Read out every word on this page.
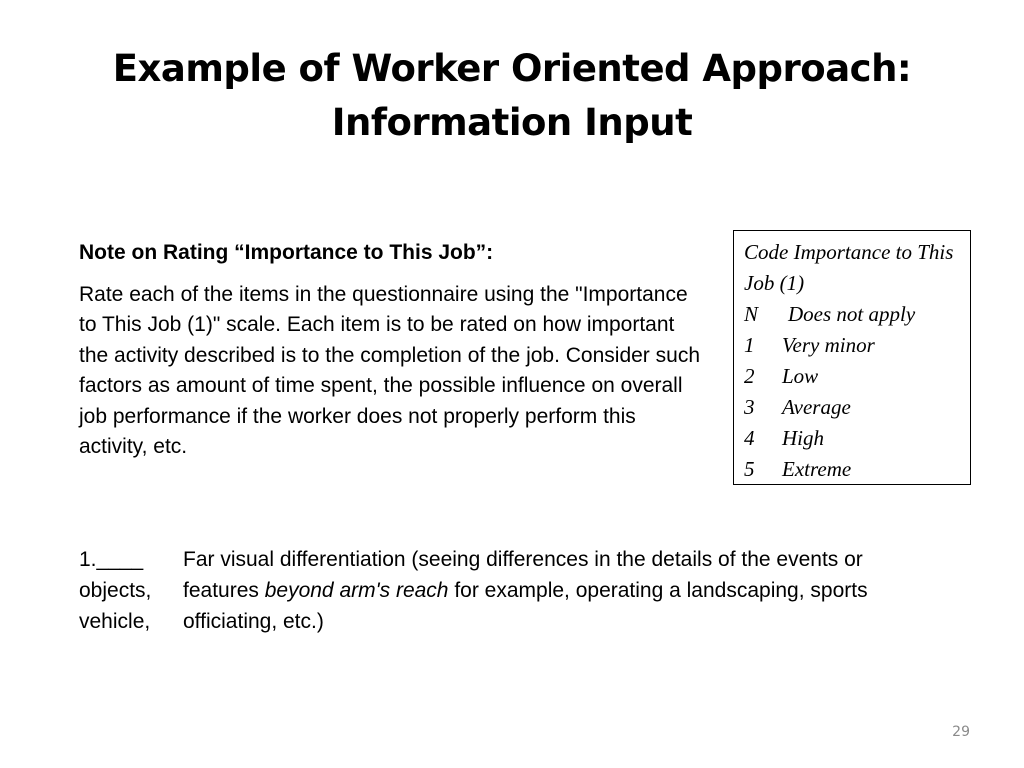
Example of Worker Oriented Approach:
Information Input

Note on Rating “Importance to This Job”:

Rate each of the items in the questionnaire using the "Importance to This Job (1)" scale. Each item is to be rated on how important the activity described is to the completion of the job. Consider such factors as amount of time spent, the possible influence on overall job performance if the worker does not properly perform this activity, etc.

Code Importance to This Job (1)
N Does not apply
1 Very minor
2 Low
3 Average
4 High
5 Extreme
1.____
objects,
vehicle,
Far visual differentiation (seeing differences in the details of the events or features beyond arm's reach for example, operating a landscaping, sports officiating, etc.)
29
